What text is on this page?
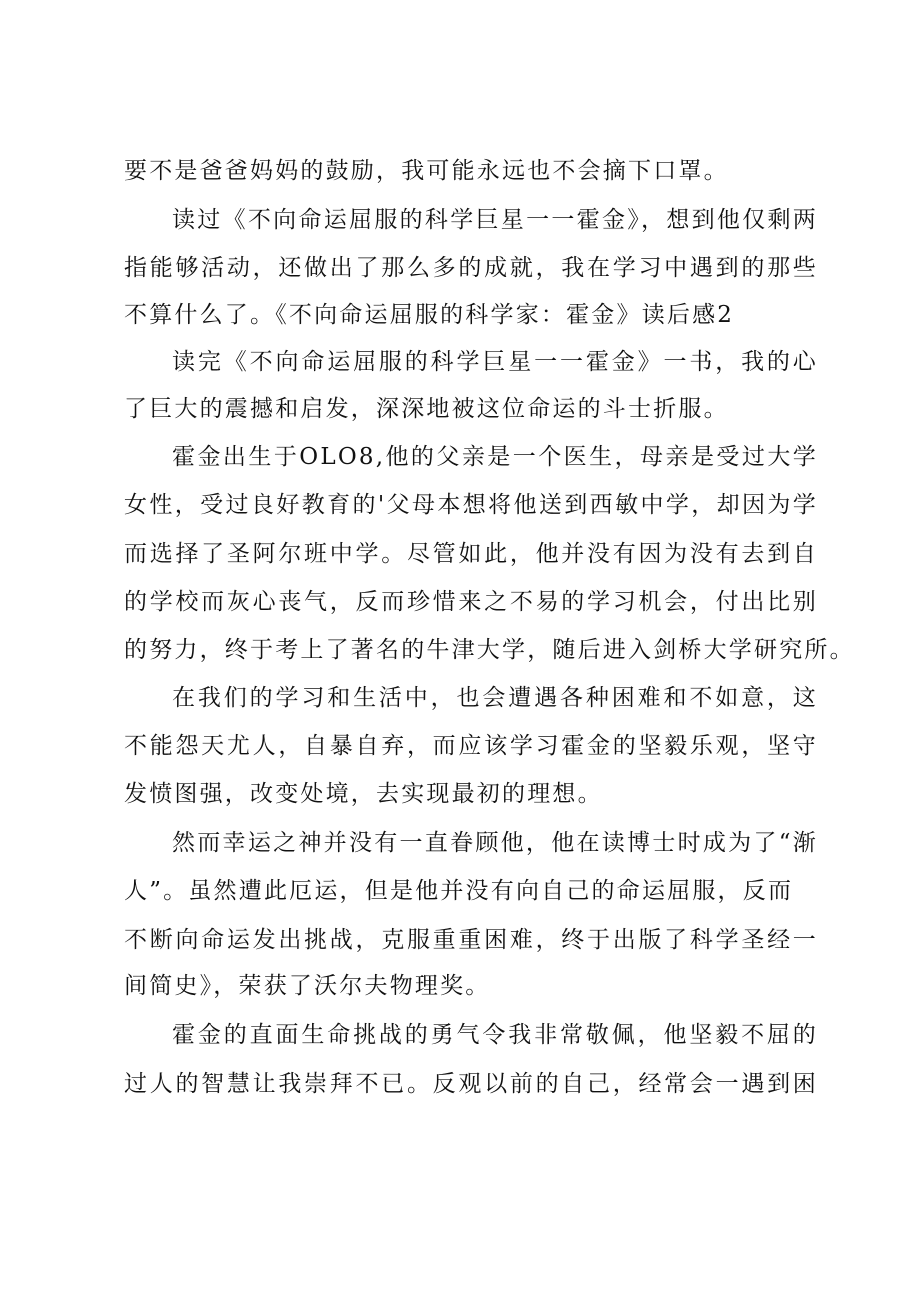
要不是爸爸妈妈的鼓励，我可能永远也不会摘下口罩。

读过《不向命运屈服的科学巨星一一霍金》，想到他仅剩两

指能够活动，还做出了那么多的成就，我在学习中遇到的那些

不算什么了。《不向命运屈服的科学家：霍金》读后感2

读完《不向命运屈服的科学巨星一一霍金》一书，我的心

了巨大的震撼和启发，深深地被这位命运的斗士折服。

霍金出生于OLO8,他的父亲是一个医生，母亲是受过大学

女性，受过良好教育的'父母本想将他送到西敏中学，却因为学

而选择了圣阿尔班中学。尽管如此，他并没有因为没有去到自

的学校而灰心丧气，反而珍惜来之不易的学习机会，付出比别

的努力，终于考上了著名的牛津大学，随后进入剑桥大学研究所。

在我们的学习和生活中，也会遭遇各种困难和不如意，这

不能怨天尤人，自暴自弃，而应该学习霍金的坚毅乐观，坚守

发愤图强，改变处境，去实现最初的理想。

然而幸运之神并没有一直眷顾他，他在读博士时成为了“渐

人”。虽然遭此厄运，但是他并没有向自己的命运屈服，反而

不断向命运发出挑战，克服重重困难，终于出版了科学圣经一

间简史》，荣获了沃尔夫物理奖。

霍金的直面生命挑战的勇气令我非常敬佩，他坚毅不屈的

过人的智慧让我崇拜不已。反观以前的自己，经常会一遇到困
